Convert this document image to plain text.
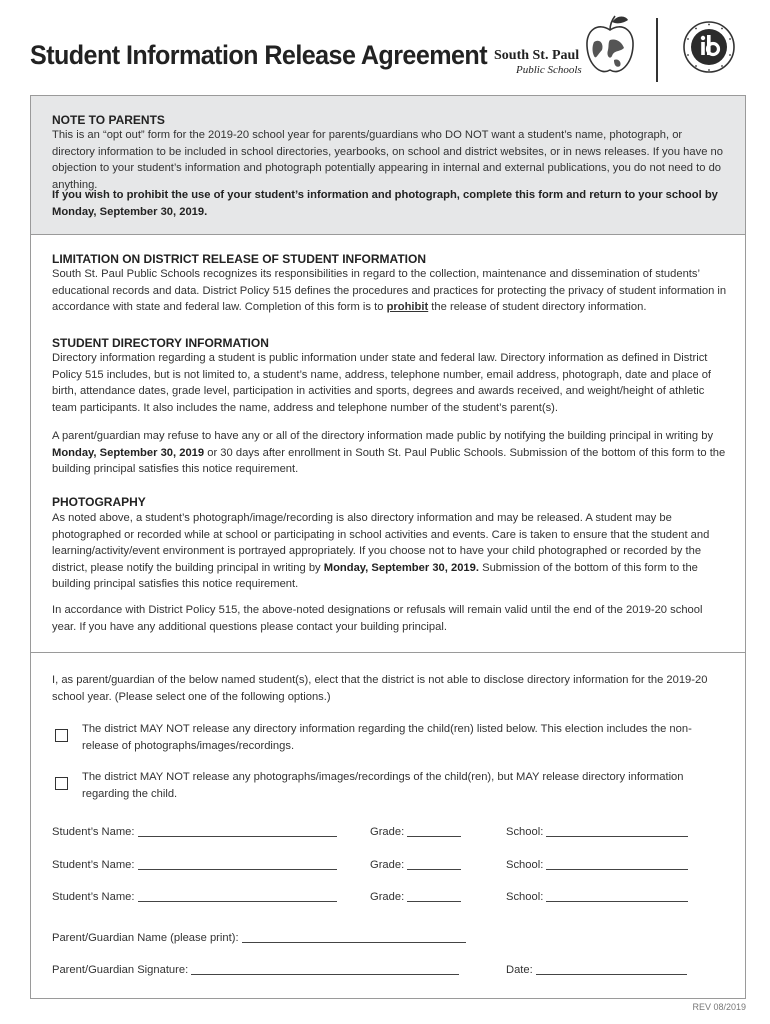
Student Information Release Agreement South St. Paul
Public Schools
NOTE TO PARENTS

This is an “opt out” form for the 2019-20 school year for parents/guardians who DO NOT want a student’s name, photograph, or directory information to be included in school directories, yearbooks, on school and district websites, or in news releases. If you have no objection to your student’s information and photograph potentially appearing in internal and external publications, you do not need to do anything.

If you wish to prohibit the use of your student’s information and photograph, complete this form and return to your school by Monday, September 30, 2019.

LIMITATION ON DISTRICT RELEASE OF STUDENT INFORMATION

South St. Paul Public Schools recognizes its responsibilities in regard to the collection, maintenance and dissemination of students’ educational records and data. District Policy 515 defines the procedures and practices for protecting the privacy of student information in accordance with state and federal law. Completion of this form is to prohibit the release of student directory information.

STUDENT DIRECTORY INFORMATION

Directory information regarding a student is public information under state and federal law. Directory information as defined in District Policy 515 includes, but is not limited to, a student’s name, address, telephone number, email address, photograph, date and place of birth, attendance dates, grade level, participation in activities and sports, degrees and awards received, and weight/height of athletic team participants. It also includes the name, address and telephone number of the student’s parent(s).

A parent/guardian may refuse to have any or all of the directory information made public by notifying the building principal in writing by Monday, September 30, 2019 or 30 days after enrollment in South St. Paul Public Schools. Submission of the bottom of this form to the building principal satisfies this notice requirement.

PHOTOGRAPHY

As noted above, a student’s photograph/image/recording is also directory information and may be released. A student may be photographed or recorded while at school or participating in school activities and events. Care is taken to ensure that the student and learning/activity/event environment is portrayed appropriately. If you choose not to have your child photographed or recorded by the district, please notify the building principal in writing by Monday, September 30, 2019. Submission of the bottom of this form to the building principal satisfies this notice requirement.

In accordance with District Policy 515, the above-noted designations or refusals will remain valid until the end of the 2019-20 school year. If you have any additional questions please contact your building principal.

I, as parent/guardian of the below named student(s), elect that the district is not able to disclose directory information for the 2019-20 school year. (Please select one of the following options.)

The district MAY NOT release any directory information regarding the child(ren) listed below. This election includes the non-release of photographs/images/recordings.

The district MAY NOT release any photographs/images/recordings of the child(ren), but MAY release directory information regarding the child.

Student’s Name:	Grade:	School:
Student’s Name:	Grade:	School:
Student’s Name:	Grade:	School:
Parent/Guardian Name (please print):
Parent/Guardian Signature:	Date:
REV 08/2019
